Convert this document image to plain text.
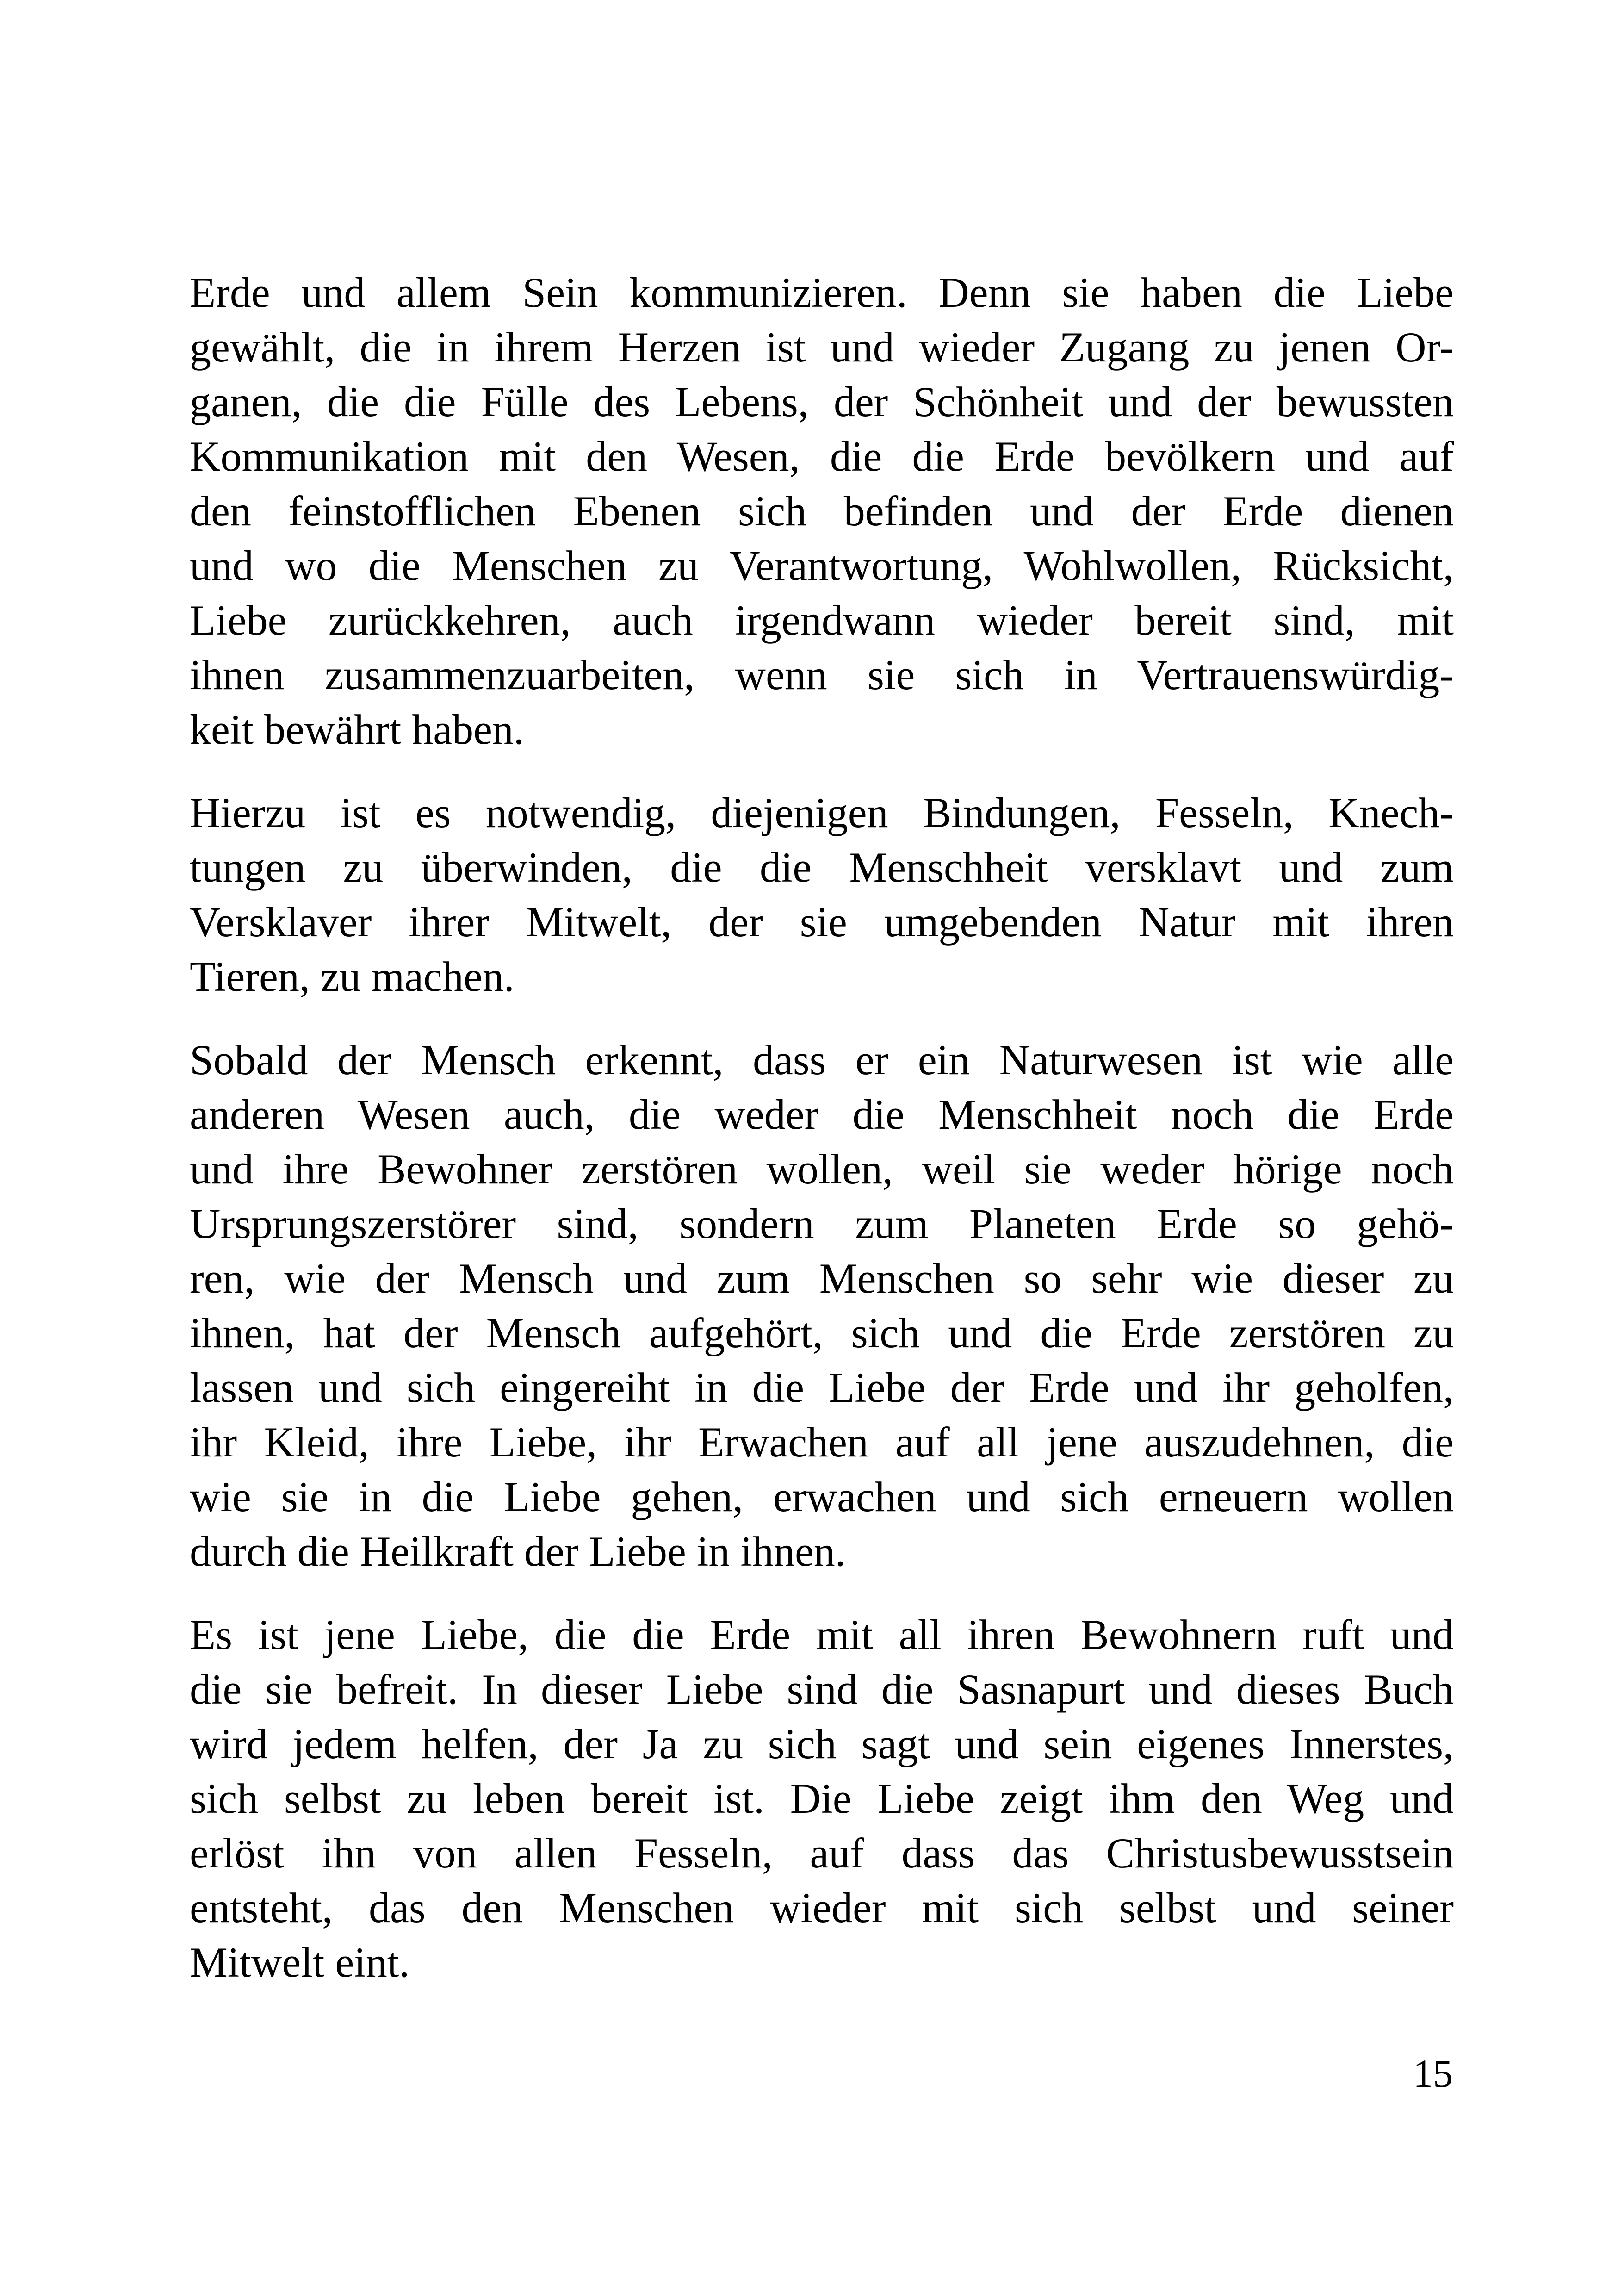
Erde und allem Sein kommunizieren. Denn sie haben die Liebe
gewählt, die in ihrem Herzen ist und wieder Zugang zu jenen Or-
ganen, die die Fülle des Lebens, der Schönheit und der bewussten
Kommunikation mit den Wesen, die die Erde bevölkern und auf
den feinstofflichen Ebenen sich befinden und der Erde dienen
und wo die Menschen zu Verantwortung, Wohlwollen, Rücksicht,
Liebe zurückkehren, auch irgendwann wieder bereit sind, mit
ihnen zusammenzuarbeiten, wenn sie sich in Vertrauenswürdig-
keit bewährt haben.
Hierzu ist es notwendig, diejenigen Bindungen, Fesseln, Knech-
tungen zu überwinden, die die Menschheit versklavt und zum
Versklaver ihrer Mitwelt, der sie umgebenden Natur mit ihren
Tieren, zu machen.
Sobald der Mensch erkennt, dass er ein Naturwesen ist wie alle
anderen Wesen auch, die weder die Menschheit noch die Erde
und ihre Bewohner zerstören wollen, weil sie weder hörige noch
Ursprungszerstörer sind, sondern zum Planeten Erde so gehö-
ren, wie der Mensch und zum Menschen so sehr wie dieser zu
ihnen, hat der Mensch aufgehört, sich und die Erde zerstören zu
lassen und sich eingereiht in die Liebe der Erde und ihr geholfen,
ihr Kleid, ihre Liebe, ihr Erwachen auf all jene auszudehnen, die
wie sie in die Liebe gehen, erwachen und sich erneuern wollen
durch die Heilkraft der Liebe in ihnen.
Es ist jene Liebe, die die Erde mit all ihren Bewohnern ruft und
die sie befreit. In dieser Liebe sind die Sasnapurt und dieses Buch
wird jedem helfen, der Ja zu sich sagt und sein eigenes Innerstes,
sich selbst zu leben bereit ist. Die Liebe zeigt ihm den Weg und
erlöst ihn von allen Fesseln, auf dass das Christusbewusstsein
entsteht, das den Menschen wieder mit sich selbst und seiner
Mitwelt eint.
15
